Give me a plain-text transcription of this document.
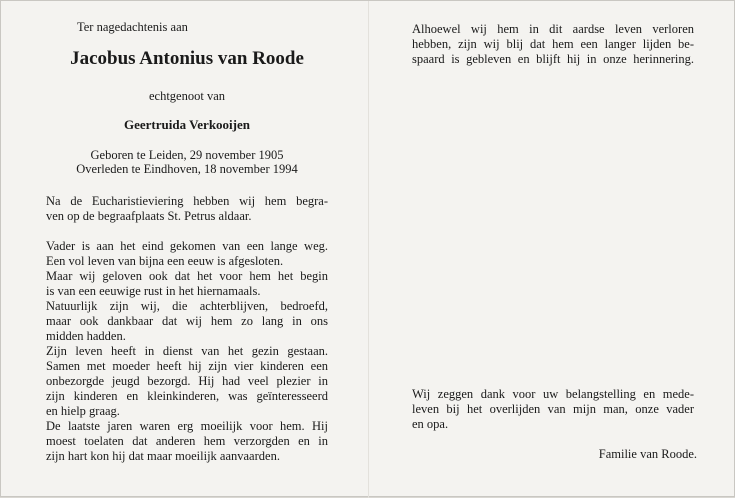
Ter nagedachtenis aan
Jacobus Antonius van Roode
echtgenoot van
Geertruida Verkooijen
Geboren te Leiden, 29 november 1905
Overleden te Eindhoven, 18 november 1994
Na de Eucharistieviering hebben wij hem begra-
ven op de begraafplaats St. Petrus aldaar.
Vader is aan het eind gekomen van een lange weg.
Een vol leven van bijna een eeuw is afgesloten.
Maar wij geloven ook dat het voor hem het begin
is van een eeuwige rust in het hiernamaals.
Natuurlijk zijn wij, die achterblijven, bedroefd,
maar ook dankbaar dat wij hem zo lang in ons
midden hadden.
Zijn leven heeft in dienst van het gezin gestaan.
Samen met moeder heeft hij zijn vier kinderen een
onbezorgde jeugd bezorgd. Hij had veel plezier in
zijn kinderen en kleinkinderen, was geïnteresseerd
en hielp graag.
De laatste jaren waren erg moeilijk voor hem. Hij
moest toelaten dat anderen hem verzorgden en in
zijn hart kon hij dat maar moeilijk aanvaarden.
Alhoewel wij hem in dit aardse leven verloren
hebben, zijn wij blij dat hem een langer lijden be-
spaard is gebleven en blijft hij in onze herinnering.
Wij zeggen dank voor uw belangstelling en mede-
leven bij het overlijden van mijn man, onze vader
en opa.
Familie van Roode.
